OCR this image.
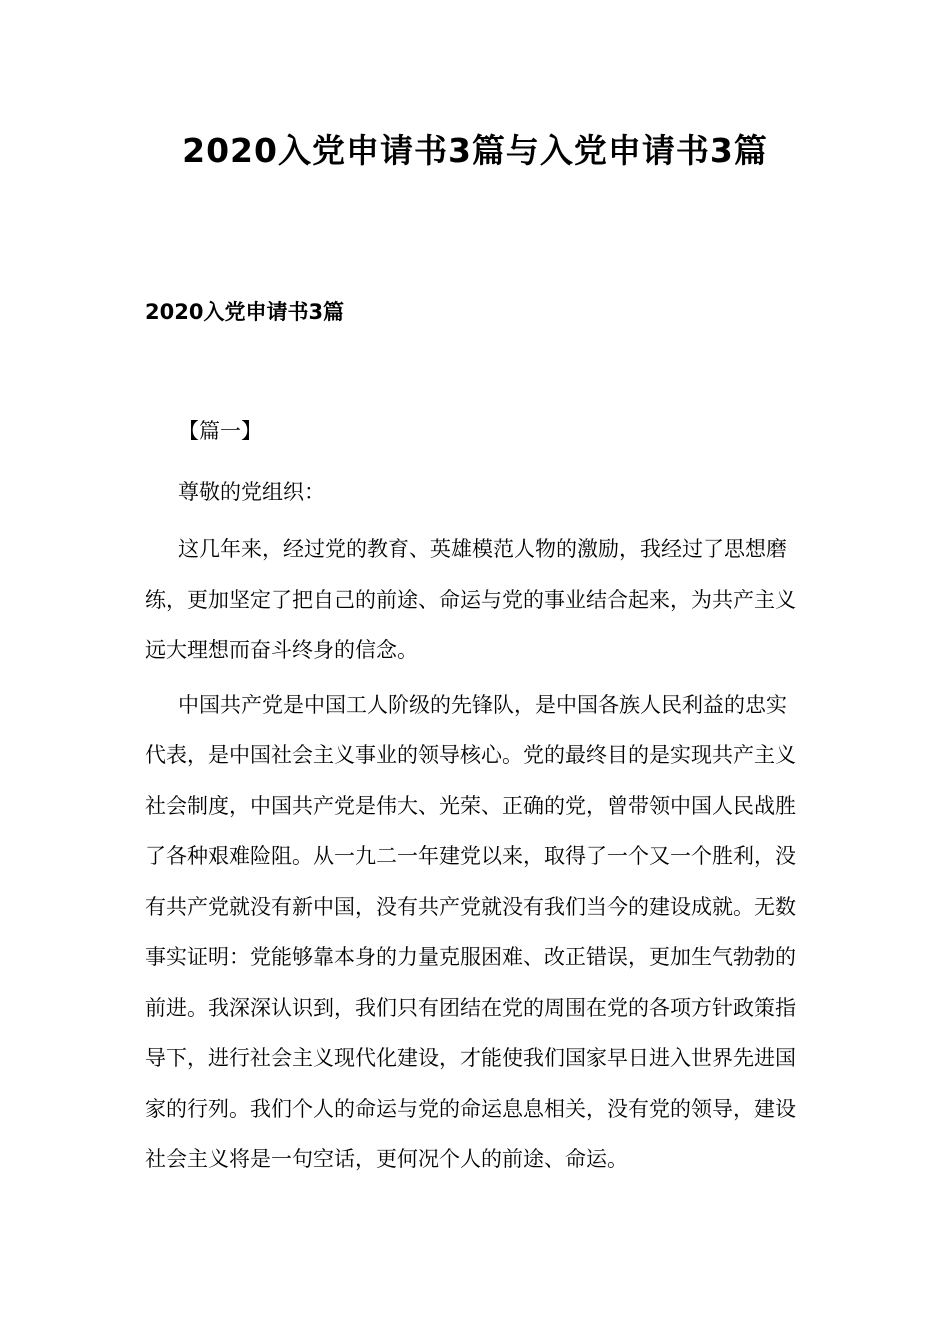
2020入党申请书3篇与入党申请书3篇
2020入党申请书3篇

【篇一】

尊敬的党组织：

这几年来，经过党的教育、英雄模范人物的激励，我经过了思想磨练，更加坚定了把自己的前途、命运与党的事业结合起来，为共产主义远大理想而奋斗终身的信念。

中国共产党是中国工人阶级的先锋队，是中国各族人民利益的忠实代表，是中国社会主义事业的领导核心。党的最终目的是实现共产主义社会制度，中国共产党是伟大、光荣、正确的党，曾带领中国人民战胜了各种艰难险阻。从一九二一年建党以来，取得了一个又一个胜利，没有共产党就没有新中国，没有共产党就没有我们当今的建设成就。无数事实证明：党能够靠本身的力量克服困难、改正错误，更加生气勃勃的前进。我深深认识到，我们只有团结在党的周围在党的各项方针政策指导下，进行社会主义现代化建设，才能使我们国家早日进入世界先进国家的行列。我们个人的命运与党的命运息息相关，没有党的领导，建设社会主义将是一句空话，更何况个人的前途、命运。
